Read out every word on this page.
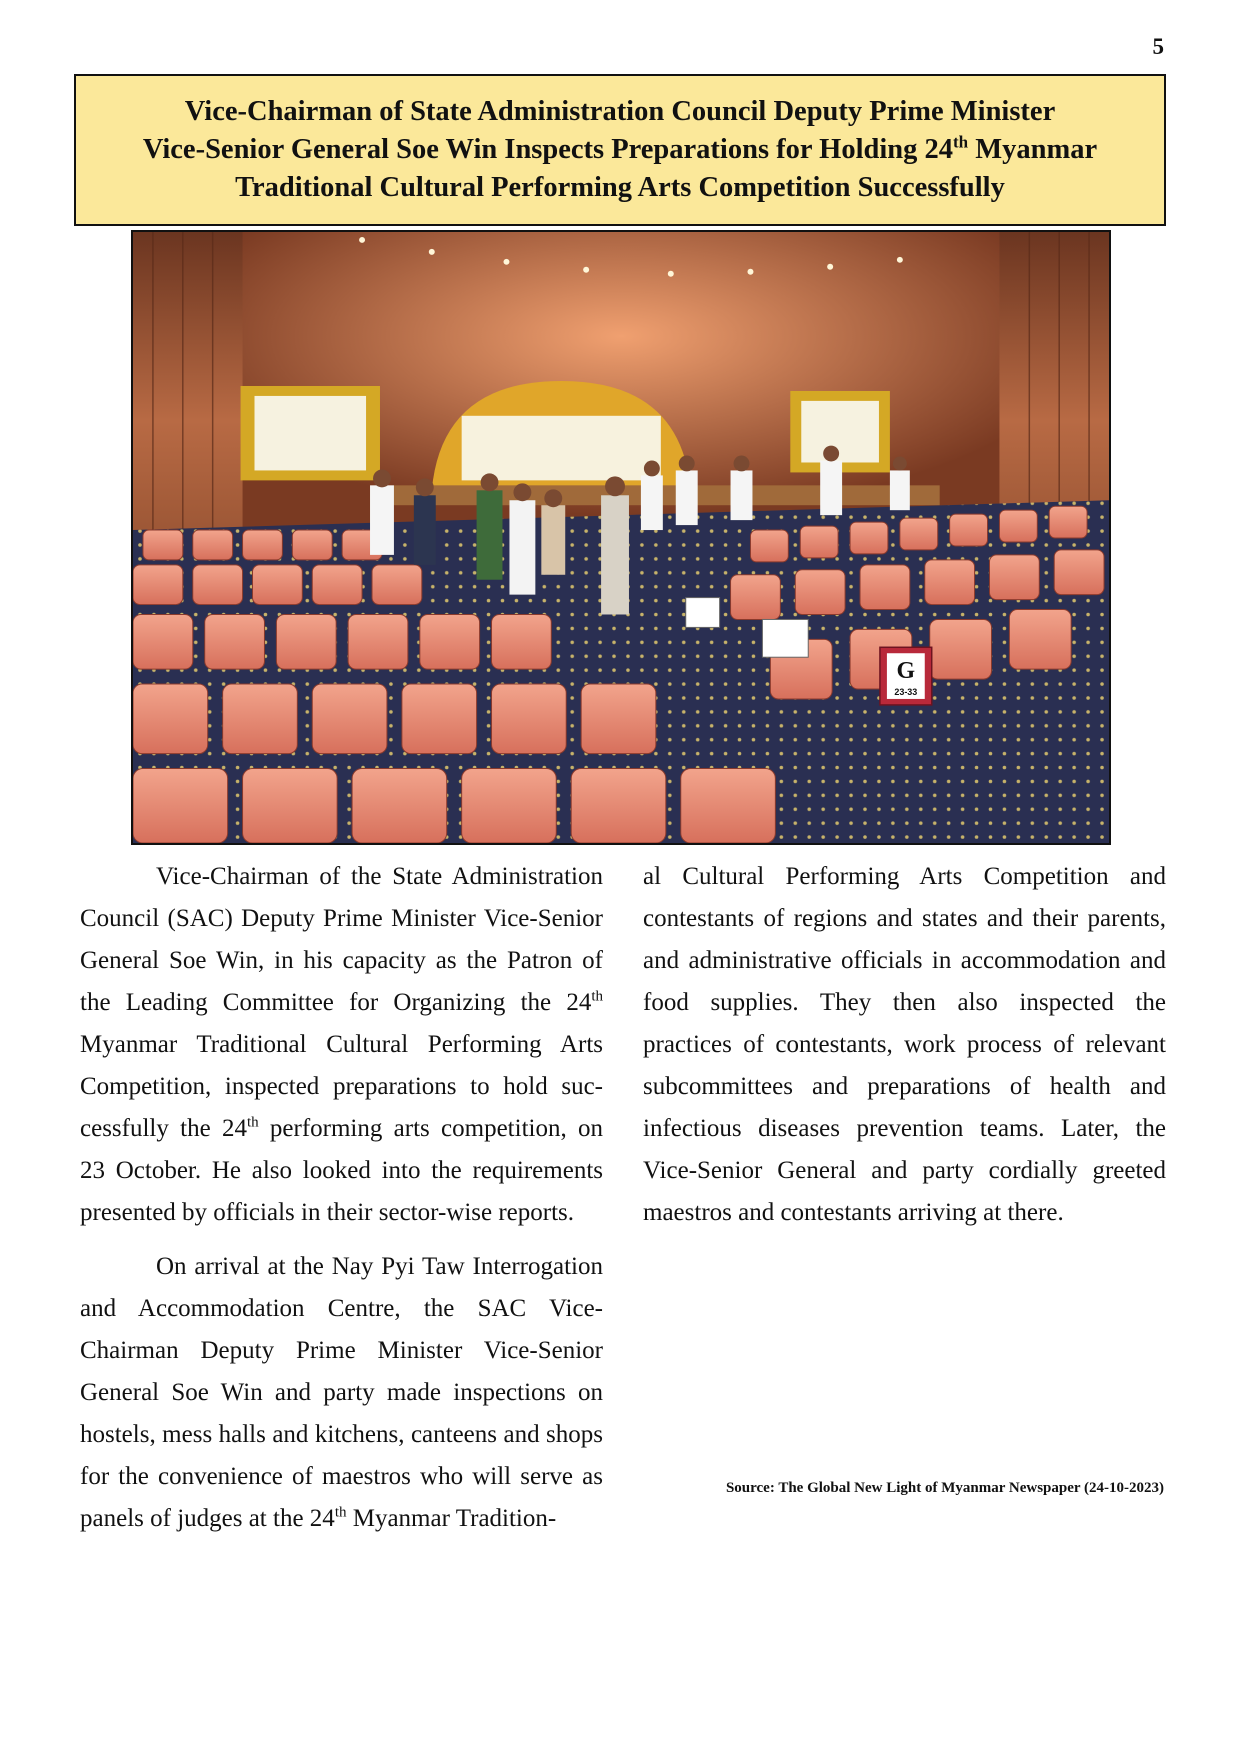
5
Vice-Chairman of State Administration Council Deputy Prime Minister
Vice-Senior General Soe Win Inspects Preparations for Holding 24th Myanmar
Traditional Cultural Performing Arts Competition Successfully
G
23-33

Vice-Chairman of the State Administration Council (SAC) Deputy Prime Minister Vice-Senior General Soe Win, in his capacity as the Patron of the Leading Committee for Organizing the 24th Myanmar Traditional Cultural Performing Arts Competition, inspected preparations to hold successfully the 24th performing arts competition, on 23 October. He also looked into the requirements presented by officials in their sector-wise reports.

On arrival at the Nay Pyi Taw Interrogation and Accommodation Centre, the SAC Vice-Chairman Deputy Prime Minister Vice-Senior General Soe Win and party made inspections on hostels, mess halls and kitchens, canteens and shops for the convenience of maestros who will serve as panels of judges at the 24th Myanmar Tradition-

al Cultural Performing Arts Competition and contestants of regions and states and their parents, and administrative officials in accommodation and food supplies. They then also inspected the practices of contestants, work process of relevant subcommittees and preparations of health and infectious diseases prevention teams. Later, the Vice-Senior General and party cordially greeted maestros and contestants arriving at there.

Source: The Global New Light of Myanmar Newspaper (24-10-2023)
